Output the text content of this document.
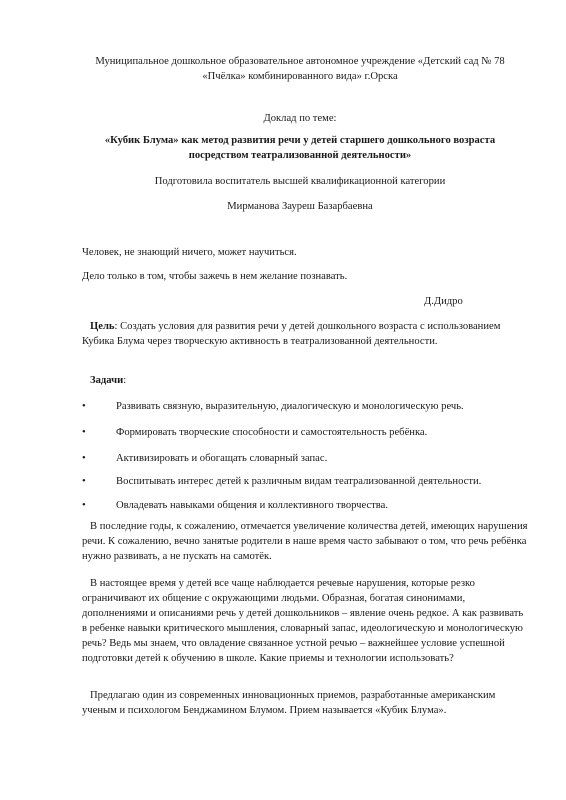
Муниципальное дошкольное образовательное автономное учреждение «Детский сад № 78

«Пчёлка» комбинированного вида» г.Орска

Доклад по теме:
«Кубик Блума» как метод развития речи у детей старшего дошкольного возраста
посредством театрализованной деятельности»
Подготовила воспитатель высшей квалификационной категории
Мирманова Зауреш Базарбаевна
Человек, не знающий ничего, может научиться.
Дело только в том, чтобы зажечь в нем желание познавать.
Д.Дидро

Цель: Создать условия для развития речи у детей дошкольного возраста с использованием Кубика Блума через творческую активность в театрализованной деятельности.

Задачи:
•	Развивать связную, выразительную, диалогическую и монологическую речь.
•	Формировать творческие способности и самостоятельность ребёнка.
•	Активизировать и обогащать словарный запас.
•	Воспитывать интерес детей к различным видам театрализованной деятельности.
•	Овладевать навыками общения и коллективного творчества.

В последние годы, к сожалению, отмечается увеличение количества детей, имеющих нарушения речи. К сожалению, вечно занятые родители в наше время часто забывают о том, что речь ребёнка нужно развивать, а не пускать на самотёк.

В настоящее время у детей все чаще наблюдается речевые нарушения, которые резко ограничивают их общение с окружающими людьми. Образная, богатая синонимами, дополнениями и описаниями речь у детей дошкольников – явление очень редкое. А как развивать в ребенке навыки критического мышления, словарный запас, идеологическую и монологическую речь? Ведь мы знаем, что овладение связанное устной речью – важнейшее условие успешной подготовки детей к обучению в школе. Какие приемы и технологии использовать?

Предлагаю один из современных инновационных приемов, разработанные американским ученым и психологом Бенджамином Блумом. Прием называется «Кубик Блума».
